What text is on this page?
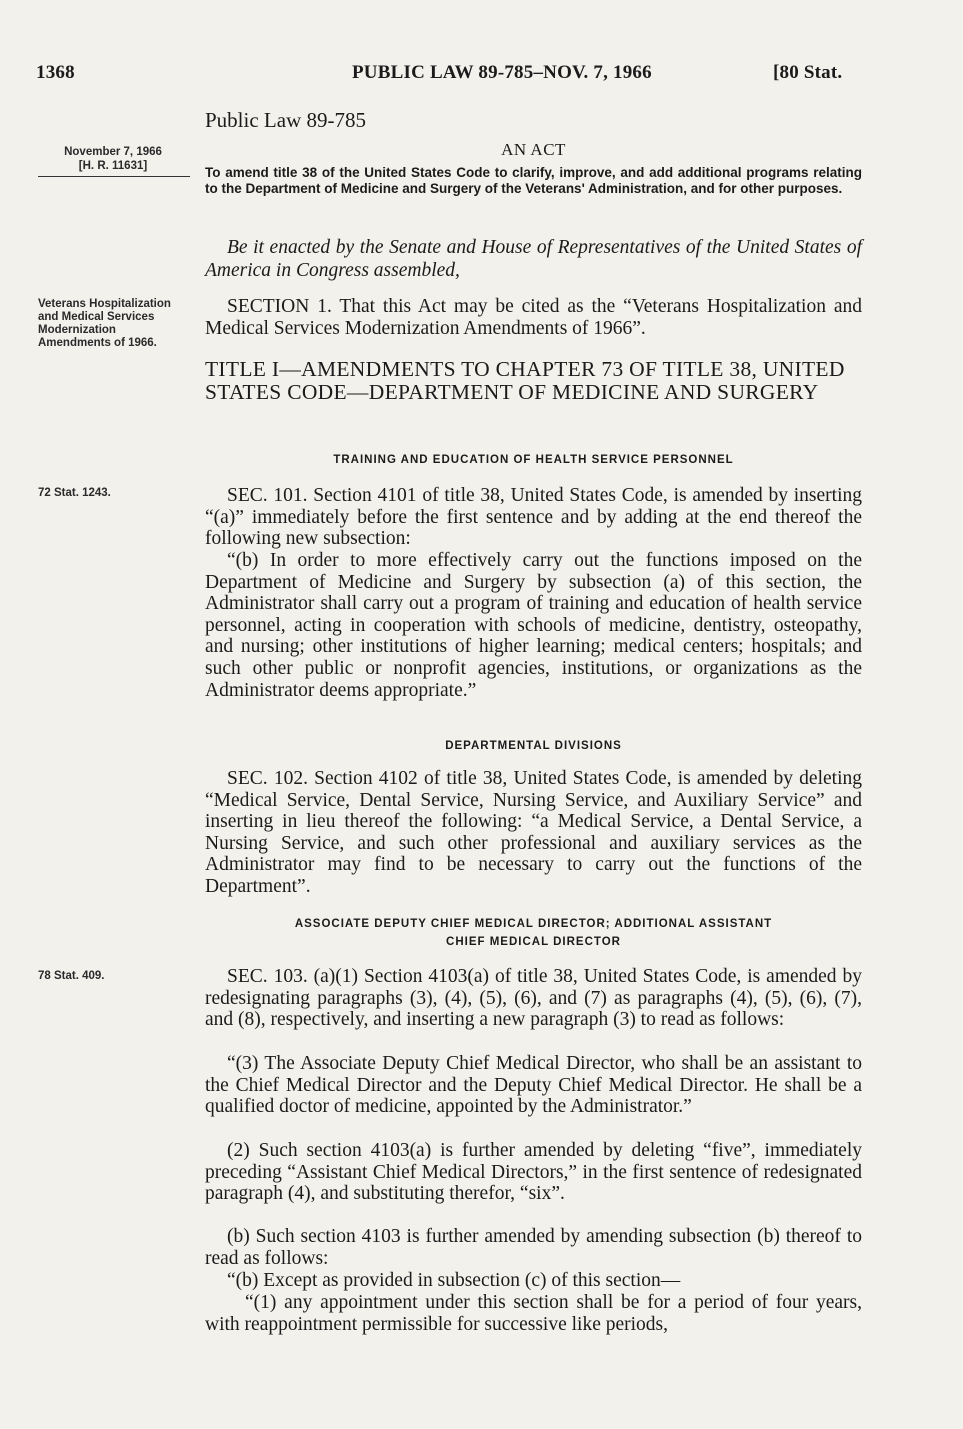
1368	PUBLIC LAW 89-785–NOV. 7, 1966	[80 Stat.
Public Law 89-785
November 7, 1966
[H. R. 11631]
AN ACT
To amend title 38 of the United States Code to clarify, improve, and add additional programs relating to the Department of Medicine and Surgery of the Veterans' Administration, and for other purposes.
Be it enacted by the Senate and House of Representatives of the United States of America in Congress assembled,
Veterans Hospitalization and Medical Services Modernization Amendments of 1966.
SECTION 1. That this Act may be cited as the “Veterans Hospitalization and Medical Services Modernization Amendments of 1966”.
TITLE I—AMENDMENTS TO CHAPTER 73 OF TITLE 38, UNITED STATES CODE—DEPARTMENT OF MEDICINE AND SURGERY
TRAINING AND EDUCATION OF HEALTH SERVICE PERSONNEL
72 Stat. 1243.	SEC. 101. Section 4101 of title 38, United States Code, is amended by inserting “(a)” immediately before the first sentence and by adding at the end thereof the following new subsection:

“(b) In order to more effectively carry out the functions imposed on the Department of Medicine and Surgery by subsection (a) of this section, the Administrator shall carry out a program of training and education of health service personnel, acting in cooperation with schools of medicine, dentistry, osteopathy, and nursing; other institutions of higher learning; medical centers; hospitals; and such other public or nonprofit agencies, institutions, or organizations as the Administrator deems appropriate.”

DEPARTMENTAL DIVISIONS

SEC. 102. Section 4102 of title 38, United States Code, is amended by deleting “Medical Service, Dental Service, Nursing Service, and Auxiliary Service” and inserting in lieu thereof the following: “a Medical Service, a Dental Service, a Nursing Service, and such other professional and auxiliary services as the Administrator may find to be necessary to carry out the functions of the Department”.

ASSOCIATE DEPUTY CHIEF MEDICAL DIRECTOR; ADDITIONAL ASSISTANT
CHIEF MEDICAL DIRECTOR
78 Stat. 409.	SEC. 103. (a)(1) Section 4103(a) of title 38, United States Code, is amended by redesignating paragraphs (3), (4), (5), (6), and (7) as paragraphs (4), (5), (6), (7), and (8), respectively, and inserting a new paragraph (3) to read as follows:

“(3) The Associate Deputy Chief Medical Director, who shall be an assistant to the Chief Medical Director and the Deputy Chief Medical Director. He shall be a qualified doctor of medicine, appointed by the Administrator.”

(2) Such section 4103(a) is further amended by deleting “five”, immediately preceding “Assistant Chief Medical Directors,” in the first sentence of redesignated paragraph (4), and substituting therefor, “six”.

(b) Such section 4103 is further amended by amending subsection (b) thereof to read as follows:

“(b) Except as provided in subsection (c) of this section—

“(1) any appointment under this section shall be for a period of four years, with reappointment permissible for successive like periods,
